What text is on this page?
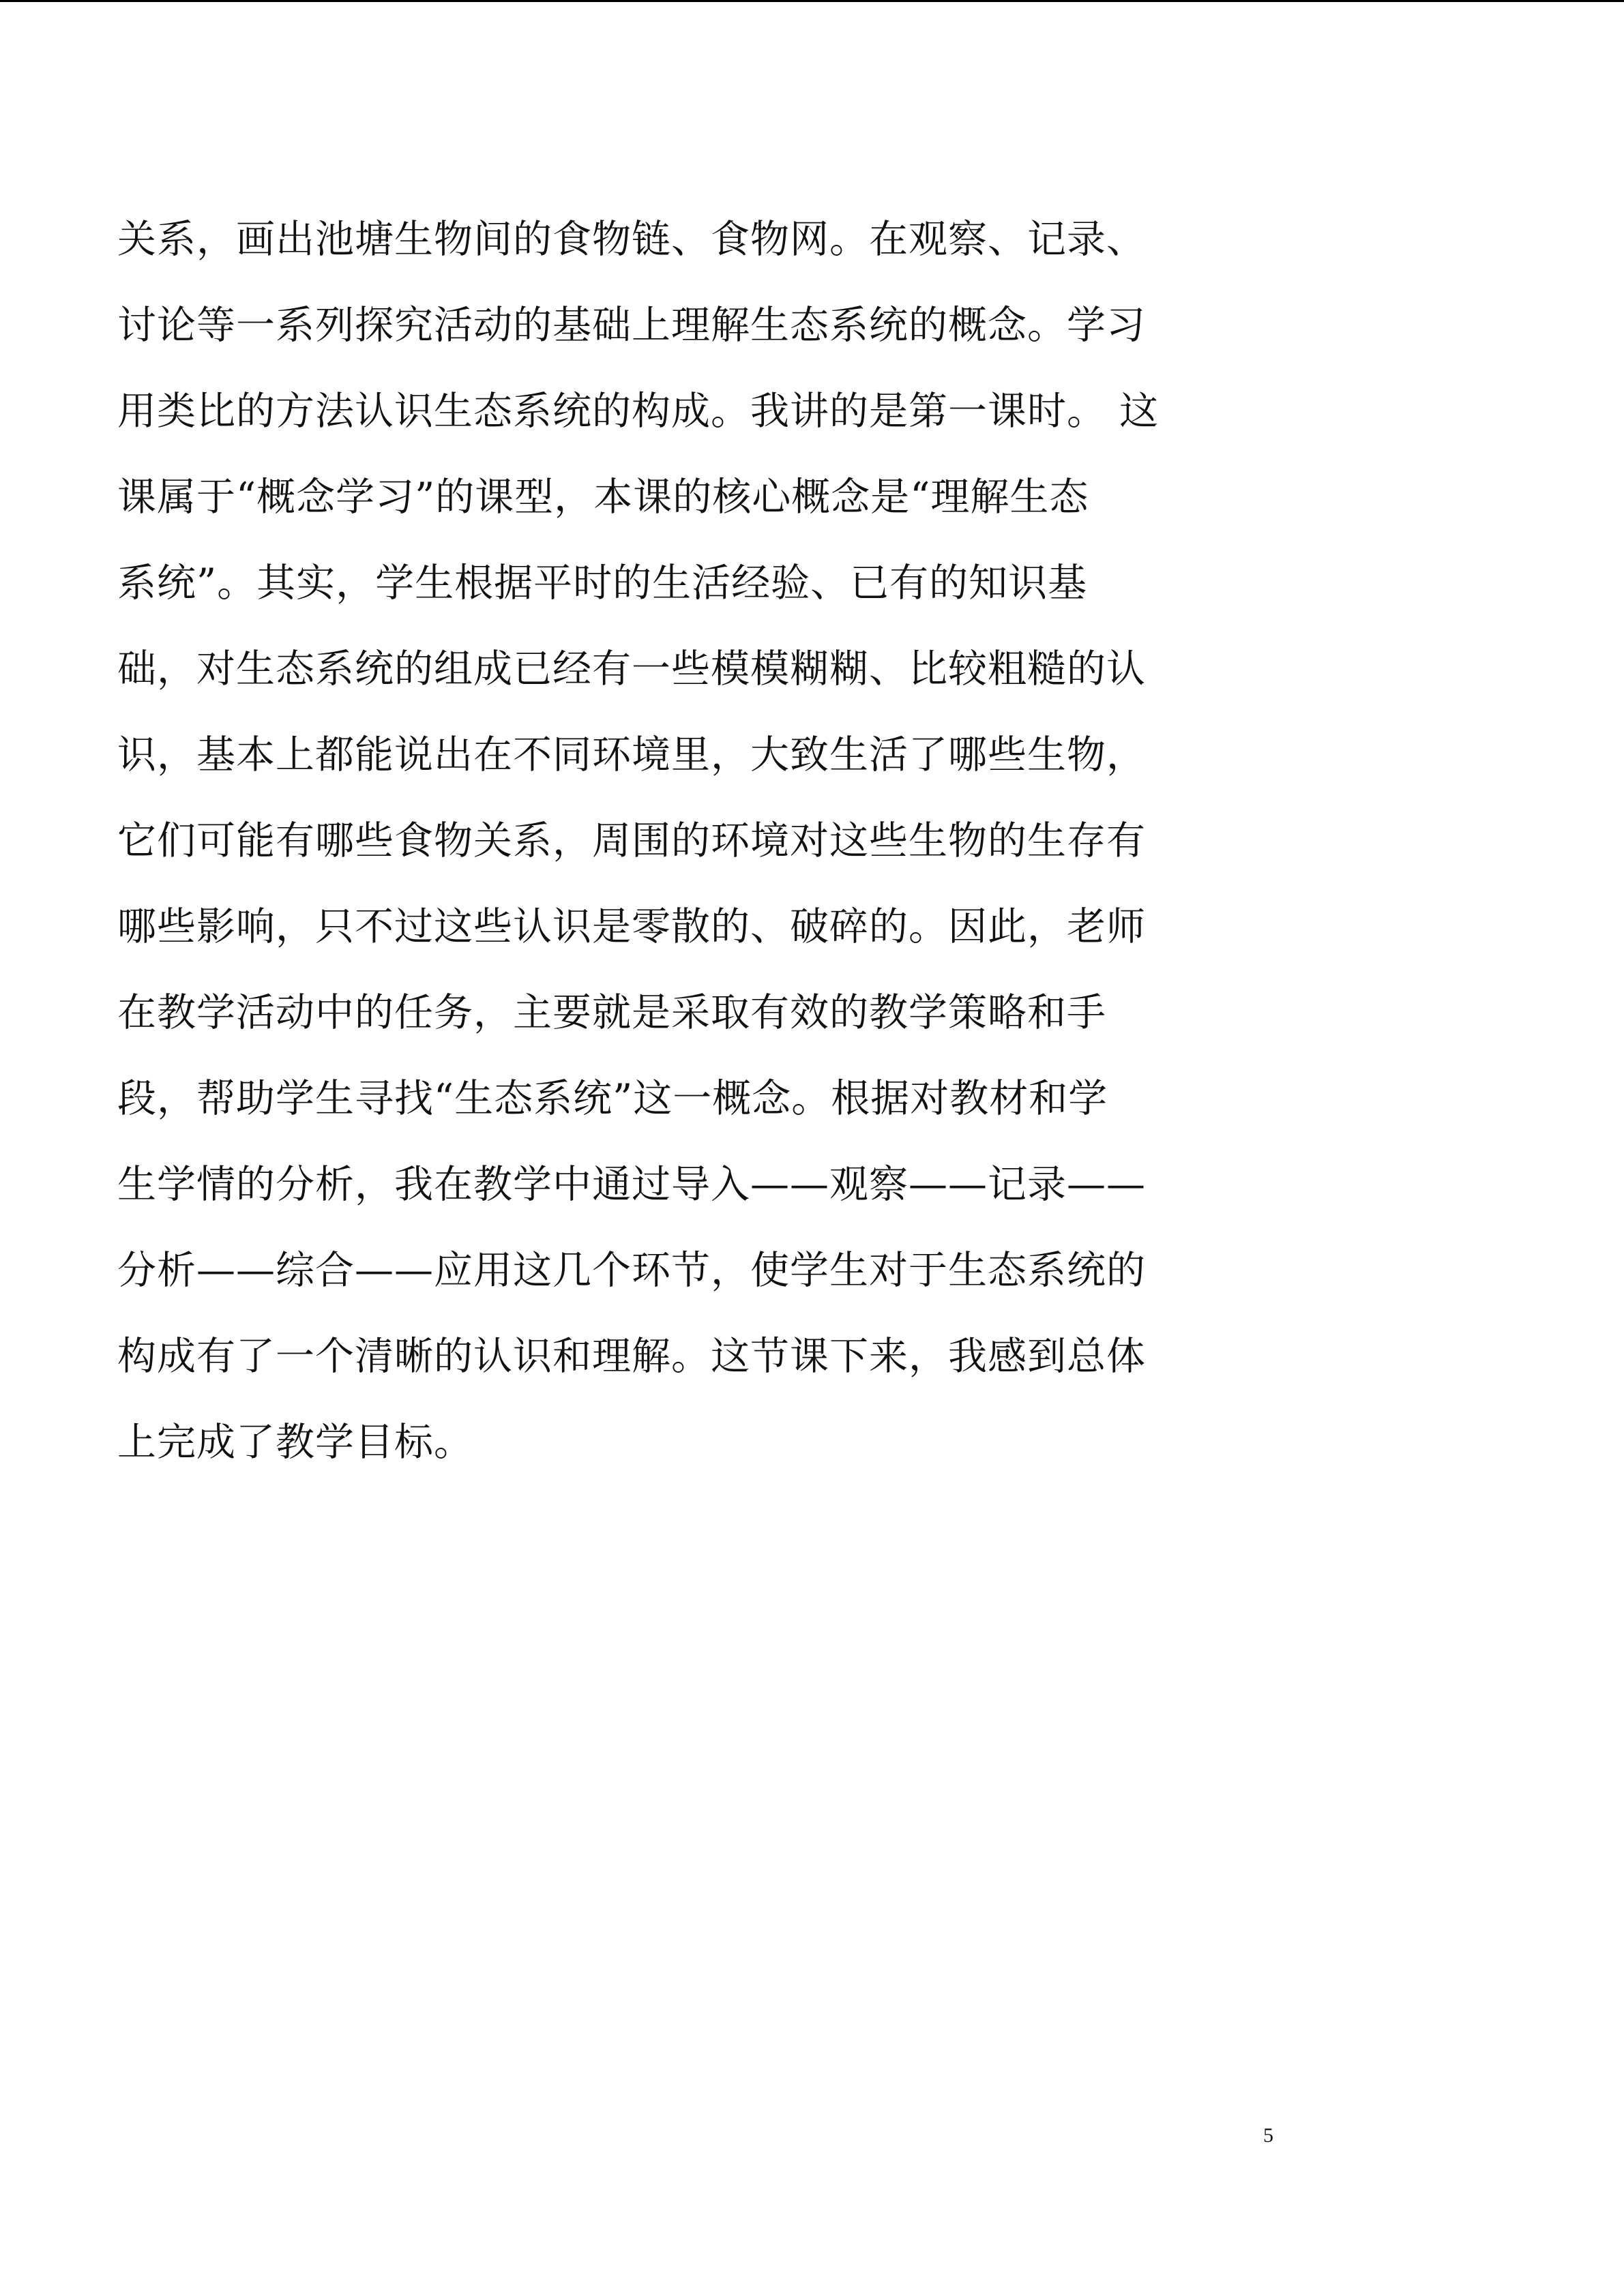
关系，画出池塘生物间的食物链、食物网。在观察、记录、
讨论等一系列探究活动的基础上理解生态系统的概念。学习
用类比的方法认识生态系统的构成。我讲的是第一课时。 这
课属于“概念学习”的课型，本课的核心概念是“理解生态
系统”。其实，学生根据平时的生活经验、已有的知识基
础，对生态系统的组成已经有一些模模糊糊、比较粗糙的认
识，基本上都能说出在不同环境里，大致生活了哪些生物，
它们可能有哪些食物关系，周围的环境对这些生物的生存有
哪些影响，只不过这些认识是零散的、破碎的。因此，老师
在教学活动中的任务，主要就是采取有效的教学策略和手
段，帮助学生寻找“生态系统”这一概念。根据对教材和学
生学情的分析，我在教学中通过导入——观察——记录——
分析——综合——应用这几个环节，使学生对于生态系统的
构成有了一个清晰的认识和理解。这节课下来，我感到总体
上完成了教学目标。
5
